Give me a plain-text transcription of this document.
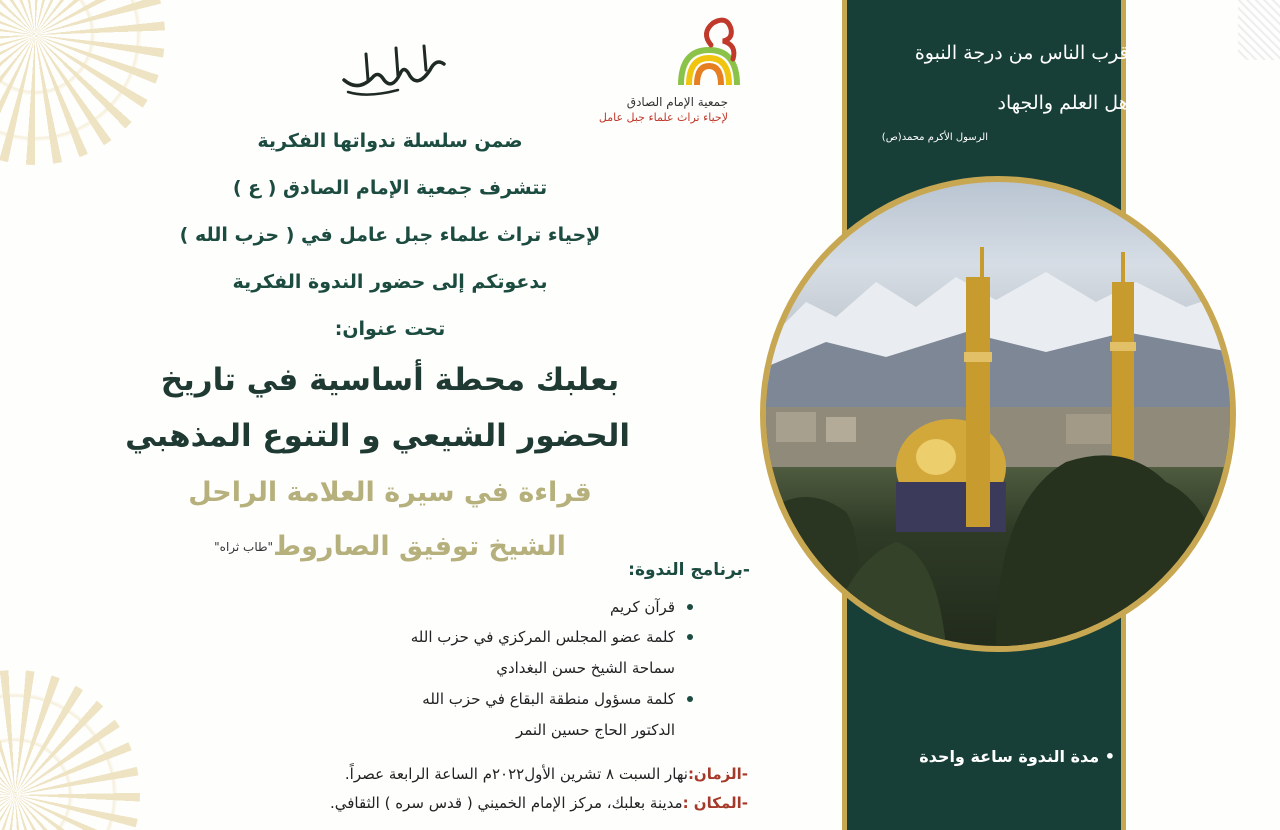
جمعية الإمام الصادق
لإحياء تراث علماء جبل عامل
ضمن سلسلة ندواتها الفكرية
تتشرف جمعية الإمام الصادق ( ع )
لإحياء تراث علماء جبل عامل في ( حزب الله )
بدعوتكم إلى حضور الندوة الفكرية
تحت عنوان:
بعلبك محطة أساسية في تاريخ
الحضور الشيعي و التنوع المذهبي
قراءة في سيرة العلامة الراحل
الشيخ توفيق الصاروط$^{"طاب ثراه"}$
-برنامج الندوة:
قرآن كريم
كلمة عضو المجلس المركزي في حزب الله
سماحة الشيخ حسن البغدادي
كلمة مسؤول منطقة البقاع في حزب الله
الدكتور الحاج حسين النمر
-الزمان:نهار السبت ٨ تشرين الأول٢٠٢٢م الساعة الرابعة عصراً.
-المكان :مدينة بعلبك، مركز الإمام الخميني ( قدس سره ) الثقافي.
أقرب الناس من درجة النبوة
أهل العلم والجهاد
الرسول الأكرم محمد(ص)
• مدة الندوة ساعة واحدة
